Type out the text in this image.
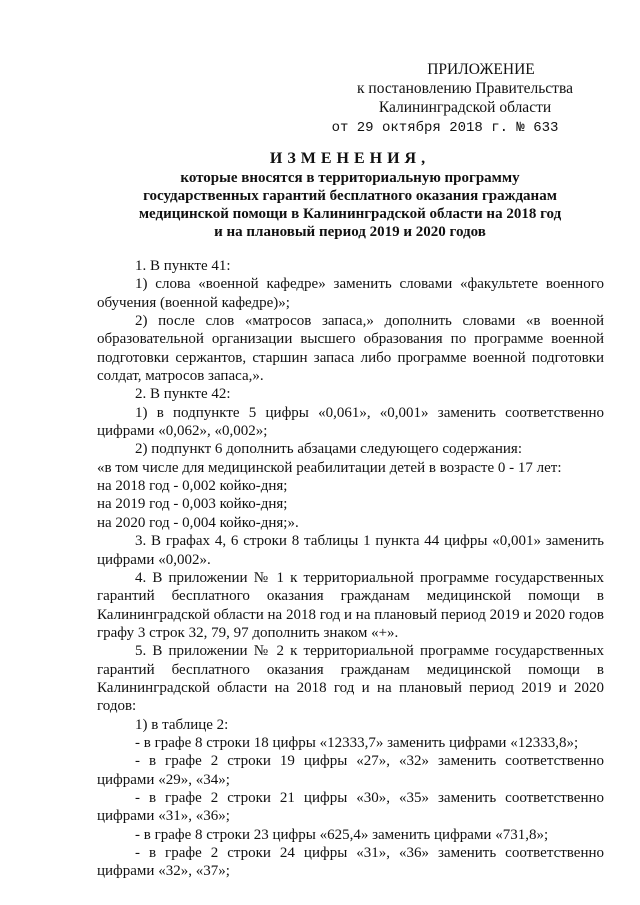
ПРИЛОЖЕНИЕ
к постановлению Правительства
Калининградской области
от 29 октября 2018 г. № 633
ИЗМЕНЕНИЯ,
которые вносятся в территориальную программу
государственных гарантий бесплатного оказания гражданам
медицинской помощи в Калининградской области на 2018 год
и на плановый период 2019 и 2020 годов

1. В пункте 41:

1) слова «военной кафедре» заменить словами «факультете военного обучения (военной кафедре)»;

2) после слов «матросов запаса,» дополнить словами «в военной образовательной организации высшего образования по программе военной подготовки сержантов, старшин запаса либо программе военной подготовки солдат, матросов запаса,».

2. В пункте 42:

1) в подпункте 5 цифры «0,061», «0,001» заменить соответственно цифрами «0,062», «0,002»;

2) подпункт 6 дополнить абзацами следующего содержания:

«в том числе для медицинской реабилитации детей в возрасте 0 - 17 лет:

на 2018 год - 0,002 койко-дня;

на 2019 год - 0,003 койко-дня;

на 2020 год - 0,004 койко-дня;».

3. В графах 4, 6 строки 8 таблицы 1 пункта 44 цифры «0,001» заменить цифрами «0,002».

4. В приложении № 1 к территориальной программе государственных гарантий бесплатного оказания гражданам медицинской помощи в Калининградской области на 2018 год и на плановый период 2019 и 2020 годов графу 3 строк 32, 79, 97 дополнить знаком «+».

5. В приложении № 2 к территориальной программе государственных гарантий бесплатного оказания гражданам медицинской помощи в Калининградской области на 2018 год и на плановый период 2019 и 2020 годов:

1) в таблице 2:

- в графе 8 строки 18 цифры «12333,7» заменить цифрами «12333,8»;

- в графе 2 строки 19 цифры «27», «32» заменить соответственно цифрами «29», «34»;

- в графе 2 строки 21 цифры «30», «35» заменить соответственно цифрами «31», «36»;

- в графе 8 строки 23 цифры «625,4» заменить цифрами «731,8»;

- в графе 2 строки 24 цифры «31», «36» заменить соответственно цифрами «32», «37»;
